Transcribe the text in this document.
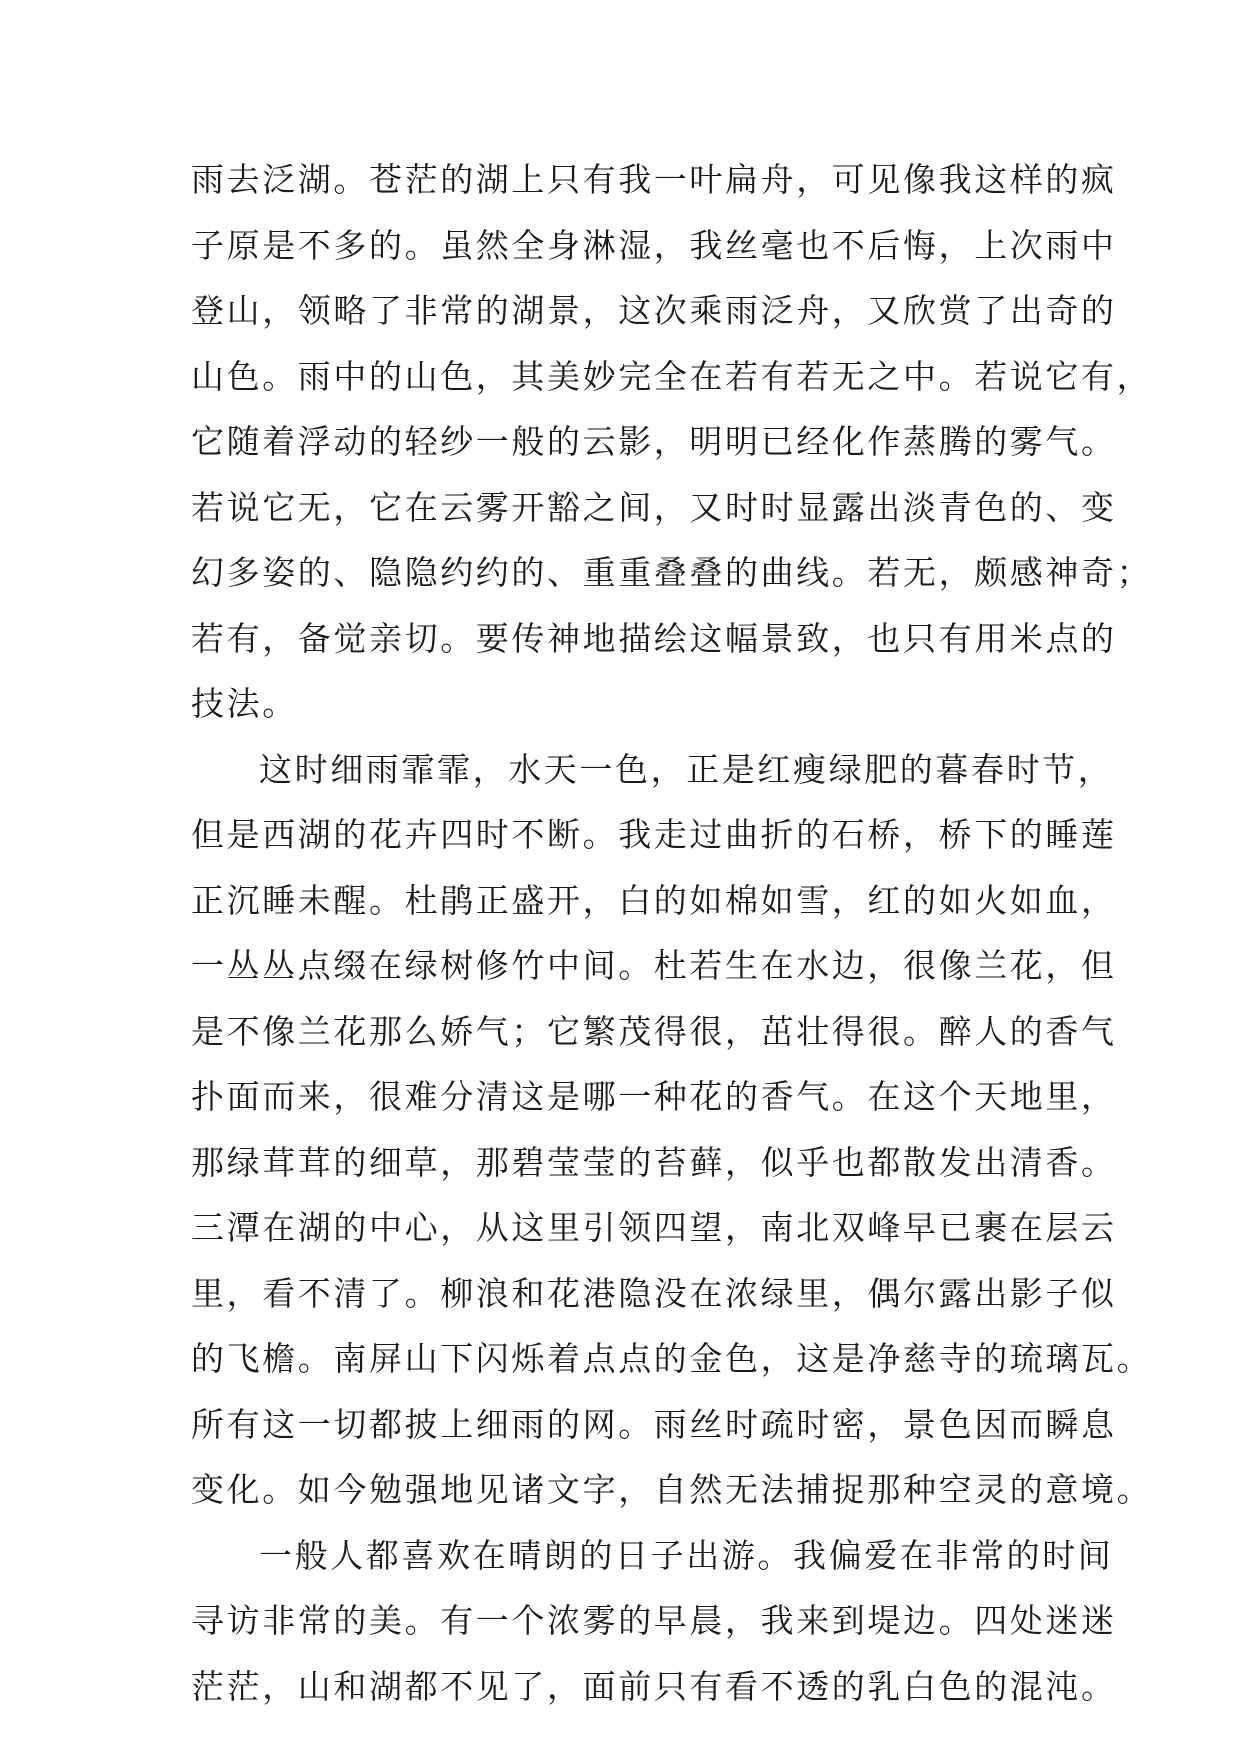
雨去泛湖。苍茫的湖上只有我一叶扁舟，可见像我这样的疯
子原是不多的。虽然全身淋湿，我丝毫也不后悔，上次雨中
登山，领略了非常的湖景，这次乘雨泛舟，又欣赏了出奇的
山色。雨中的山色，其美妙完全在若有若无之中。若说它有，
它随着浮动的轻纱一般的云影，明明已经化作蒸腾的雾气。
若说它无，它在云雾开豁之间，又时时显露出淡青色的、变
幻多姿的、隐隐约约的、重重叠叠的曲线。若无，颇感神奇；
若有，备觉亲切。要传神地描绘这幅景致，也只有用米点的
技法。
这时细雨霏霏，水天一色，正是红瘦绿肥的暮春时节，
但是西湖的花卉四时不断。我走过曲折的石桥，桥下的睡莲
正沉睡未醒。杜鹃正盛开，白的如棉如雪，红的如火如血，
一丛丛点缀在绿树修竹中间。杜若生在水边，很像兰花，但
是不像兰花那么娇气；它繁茂得很，茁壮得很。醉人的香气
扑面而来，很难分清这是哪一种花的香气。在这个天地里，
那绿茸茸的细草，那碧莹莹的苔藓，似乎也都散发出清香。
三潭在湖的中心，从这里引领四望，南北双峰早已裹在层云
里，看不清了。柳浪和花港隐没在浓绿里，偶尔露出影子似
的飞檐。南屏山下闪烁着点点的金色，这是净慈寺的琉璃瓦。
所有这一切都披上细雨的网。雨丝时疏时密，景色因而瞬息
变化。如今勉强地见诸文字，自然无法捕捉那种空灵的意境。
一般人都喜欢在晴朗的日子出游。我偏爱在非常的时间
寻访非常的美。有一个浓雾的早晨，我来到堤边。四处迷迷
茫茫，山和湖都不见了，面前只有看不透的乳白色的混沌。
